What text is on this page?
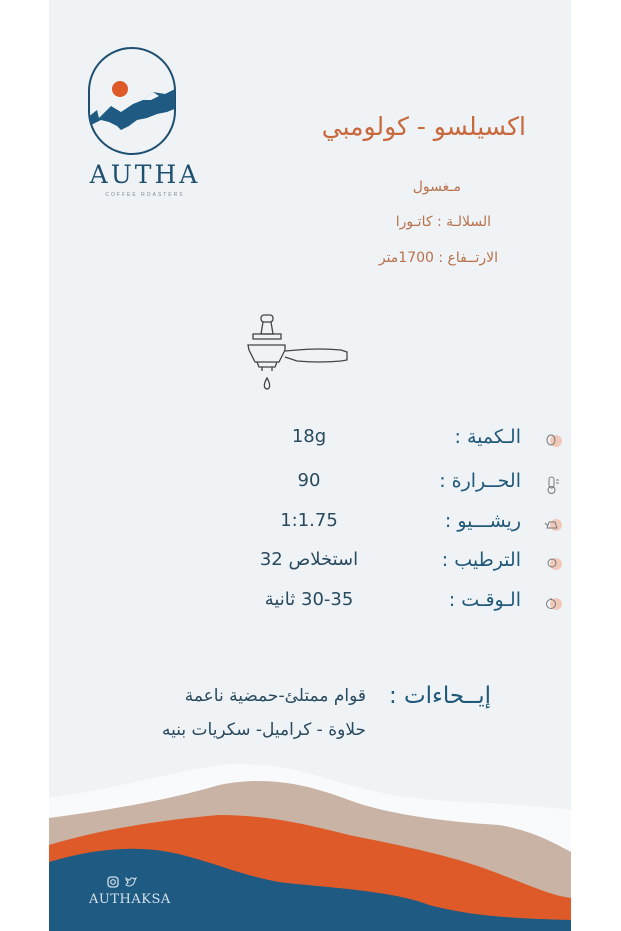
AUTHA
COFFEE ROASTERS
اكسيلسو - كولومبي
مـغسول
السلالـة : كاتـورا
الارتــفاع : 1700متر
الـكمية :
18g
الحــرارة :
90
ريشـــيو :
1:1.75
الترطيب :
استخلاص 32
الـوقـت :
30-35 ثانية
إيــحاءات :
قوام ممتلئ-حمضية ناعمة
حلاوة - كراميل- سكريات بنيه
AUTHAKSA
